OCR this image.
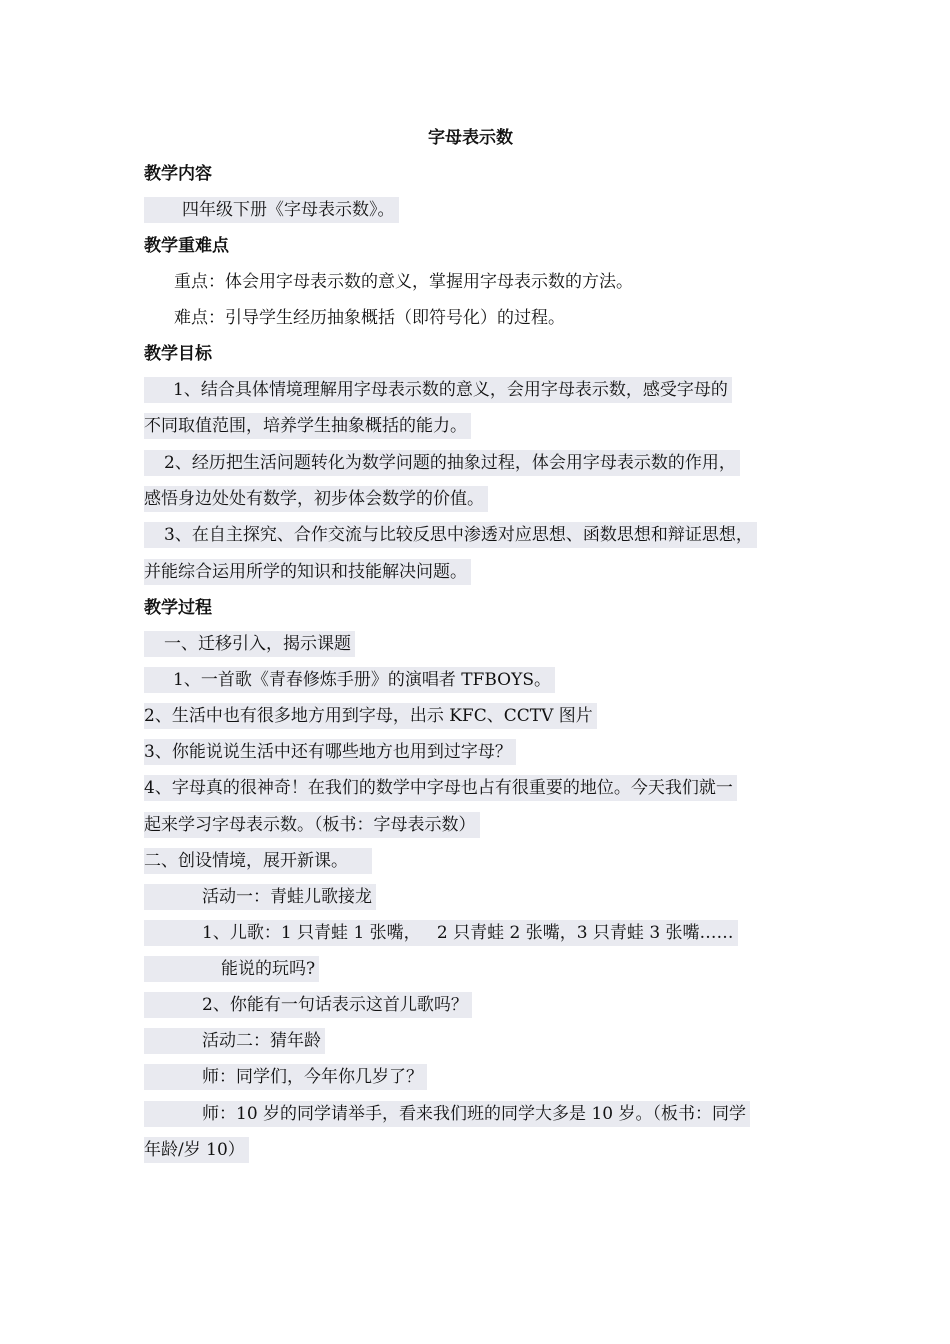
字母表示数
教学内容
四年级下册《字母表示数》。
教学重难点
重点：体会用字母表示数的意义，掌握用字母表示数的方法。
难点：引导学生经历抽象概括（即符号化）的过程。
教学目标
1、结合具体情境理解用字母表示数的意义，会用字母表示数，感受字母的
不同取值范围，培养学生抽象概括的能力。
2、经历把生活问题转化为数学问题的抽象过程，体会用字母表示数的作用，
感悟身边处处有数学，初步体会数学的价值。
3、在自主探究、合作交流与比较反思中渗透对应思想、函数思想和辩证思想，
并能综合运用所学的知识和技能解决问题。
教学过程
一、迁移引入，揭示课题
1、一首歌《青春修炼手册》的演唱者 TFBOYS。
2、生活中也有很多地方用到字母，出示 KFC、CCTV 图片
3、你能说说生活中还有哪些地方也用到过字母？
4、字母真的很神奇！在我们的数学中字母也占有很重要的地位。今天我们就一
起来学习字母表示数。（板书：字母表示数）
二、创设情境，展开新课。
活动一：青蛙儿歌接龙
1、儿歌：1 只青蛙 1 张嘴，   2 只青蛙 2 张嘴，3 只青蛙 3 张嘴……
能说的玩吗?
2、你能有一句话表示这首儿歌吗？
活动二：猜年龄
师：同学们，今年你几岁了？
师：10 岁的同学请举手，看来我们班的同学大多是 10 岁。（板书：同学
年龄/岁 10）
